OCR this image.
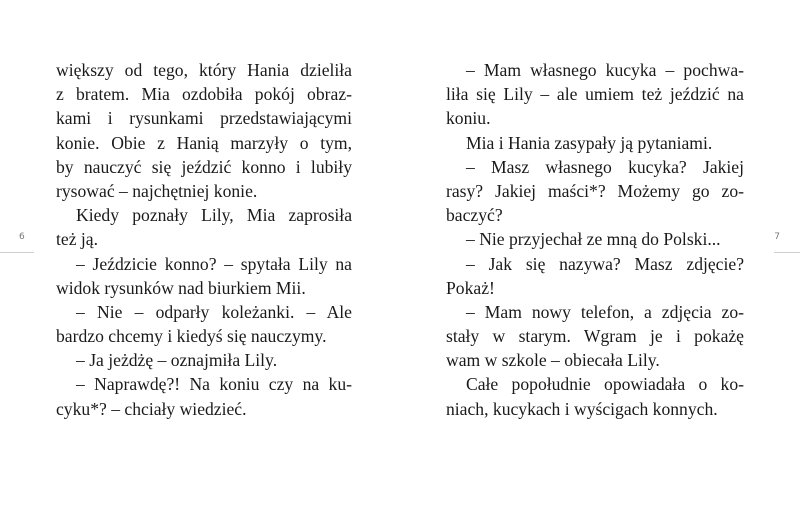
6
większy od tego, który Hania dzieliła
z bratem. Mia ozdobiła pokój obraz-
kami i rysunkami przedstawiającymi
konie. Obie z Hanią marzyły o tym,
by nauczyć się jeździć konno i lubiły
rysować – najchętniej konie.
Kiedy poznały Lily, Mia zaprosiła
też ją.
– Jeździcie konno? – spytała Lily na
widok rysunków nad biurkiem Mii.
– Nie – odparły koleżanki. – Ale
bardzo chcemy i kiedyś się nauczymy.
– Ja jeżdżę – oznajmiła Lily.
– Naprawdę?! Na koniu czy na ku-
cyku*? – chciały wiedzieć.
7
– Mam własnego kucyka – pochwa-
liła się Lily – ale umiem też jeździć na
koniu.
Mia i Hania zasypały ją pytaniami.
– Masz własnego kucyka? Jakiej
rasy? Jakiej maści*? Możemy go zo-
baczyć?
– Nie przyjechał ze mną do Polski...
– Jak się nazywa? Masz zdjęcie?
Pokaż!
– Mam nowy telefon, a zdjęcia zo-
stały w starym. Wgram je i pokażę
wam w szkole – obiecała Lily.
Całe popołudnie opowiadała o ko-
niach, kucykach i wyścigach konnych.
